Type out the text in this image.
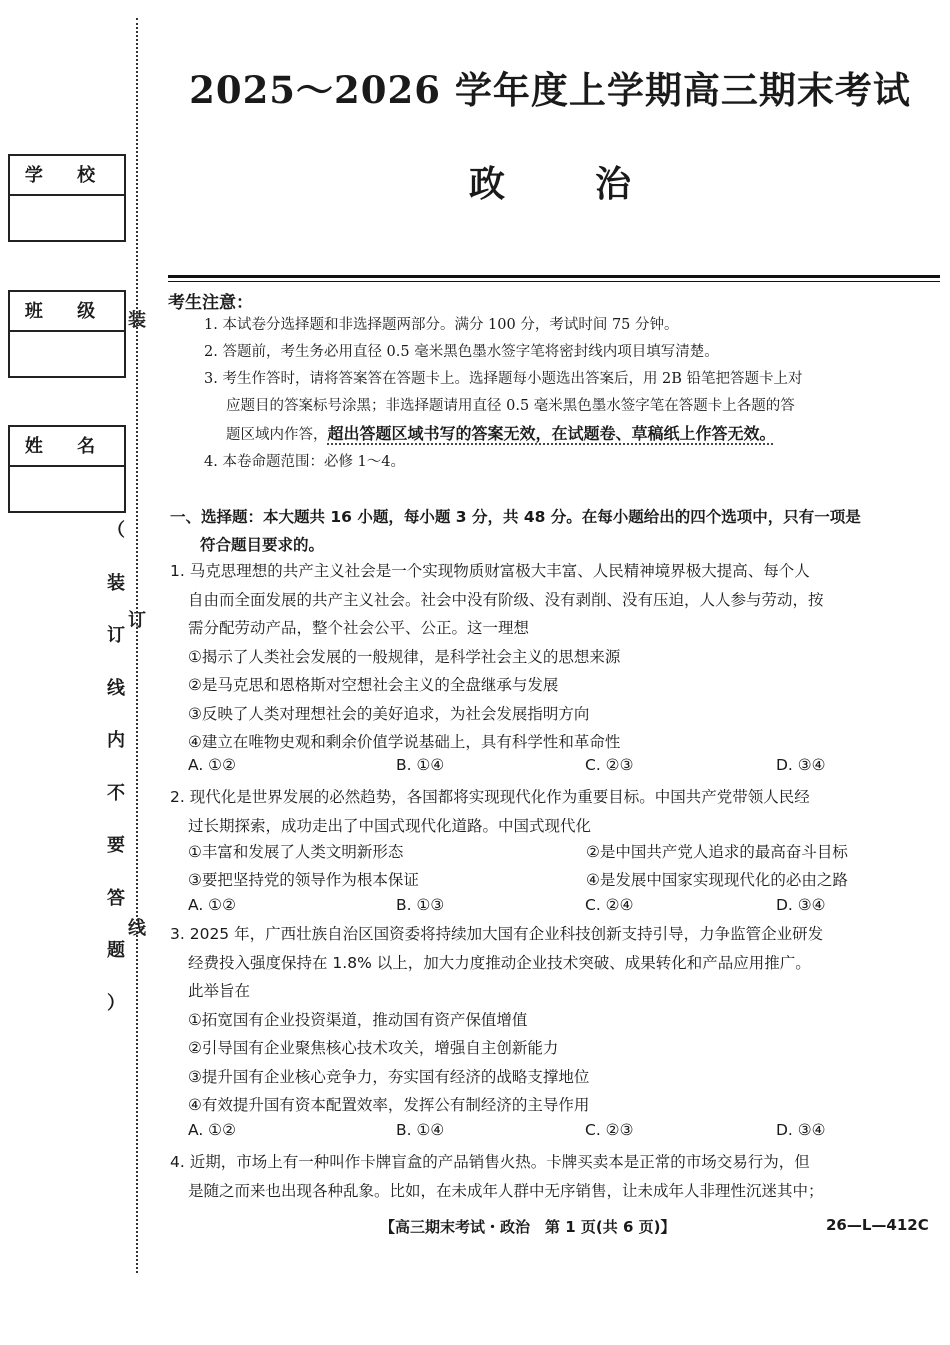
学 校
班 级
姓 名
装
订
线
（
装
订
线
内
不
要
答
题
）
2025～2026 学年度上学期高三期末考试
政治
考生注意：
1. 本试卷分选择题和非选择题两部分。满分 100 分，考试时间 75 分钟。
2. 答题前，考生务必用直径 0.5 毫米黑色墨水签字笔将密封线内项目填写清楚。
3. 考生作答时，请将答案答在答题卡上。选择题每小题选出答案后，用 2B 铅笔把答题卡上对
应题目的答案标号涂黑；非选择题请用直径 0.5 毫米黑色墨水签字笔在答题卡上各题的答
题区域内作答，超出答题区域书写的答案无效，在试题卷、草稿纸上作答无效。
4. 本卷命题范围：必修 1～4。
一、选择题：本大题共 16 小题，每小题 3 分，共 48 分。在每小题给出的四个选项中，只有一项是
符合题目要求的。
1. 马克思理想的共产主义社会是一个实现物质财富极大丰富、人民精神境界极大提高、每个人
自由而全面发展的共产主义社会。社会中没有阶级、没有剥削、没有压迫，人人参与劳动，按
需分配劳动产品，整个社会公平、公正。这一理想
①揭示了人类社会发展的一般规律，是科学社会主义的思想来源
②是马克思和恩格斯对空想社会主义的全盘继承与发展
③反映了人类对理想社会的美好追求，为社会发展指明方向
④建立在唯物史观和剩余价值学说基础上，具有科学性和革命性
A. ①②	B. ①④	C. ②③	D. ③④
2. 现代化是世界发展的必然趋势，各国都将实现现代化作为重要目标。中国共产党带领人民经
过长期探索，成功走出了中国式现代化道路。中国式现代化
①丰富和发展了人类文明新形态	②是中国共产党人追求的最高奋斗目标
③要把坚持党的领导作为根本保证	④是发展中国家实现现代化的必由之路
A. ①②	B. ①③	C. ②④	D. ③④
3. 2025 年，广西壮族自治区国资委将持续加大国有企业科技创新支持引导，力争监管企业研发
经费投入强度保持在 1.8% 以上，加大力度推动企业技术突破、成果转化和产品应用推广。
此举旨在
①拓宽国有企业投资渠道，推动国有资产保值增值
②引导国有企业聚焦核心技术攻关，增强自主创新能力
③提升国有企业核心竞争力，夯实国有经济的战略支撑地位
④有效提升国有资本配置效率，发挥公有制经济的主导作用
A. ①②	B. ①④	C. ②③	D. ③④
4. 近期，市场上有一种叫作卡牌盲盒的产品销售火热。卡牌买卖本是正常的市场交易行为，但
是随之而来也出现各种乱象。比如，在未成年人群中无序销售，让未成年人非理性沉迷其中；
【高三期末考试・政治　第 1 页(共 6 页)】	26—L—412C
